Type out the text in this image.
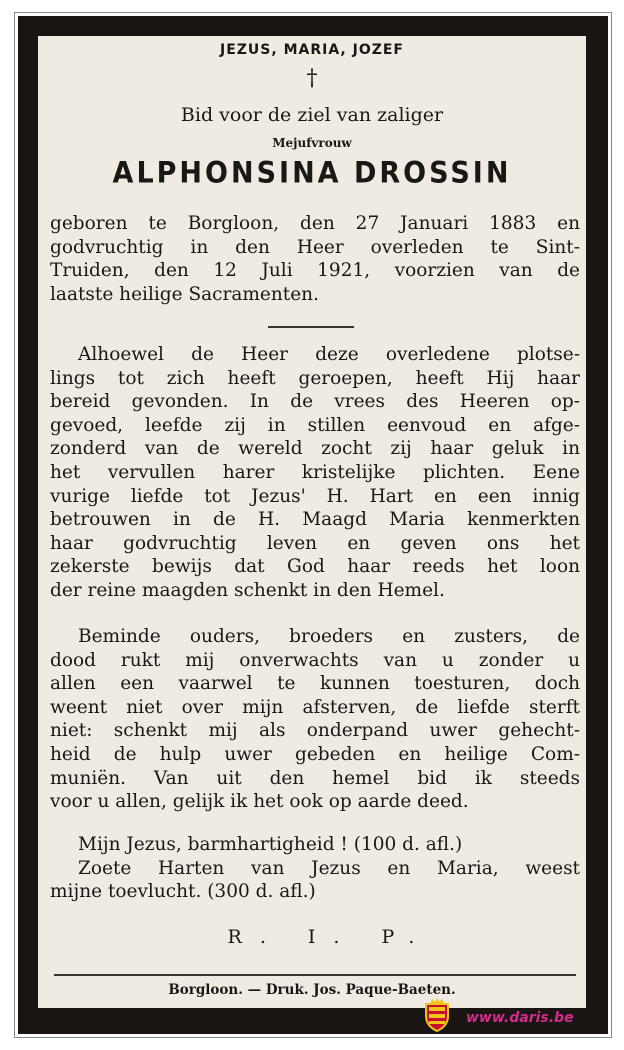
JEZUS, MARIA, JOZEF
†
Bid voor de ziel van zaliger
Mejufvrouw
ALPHONSINA DROSSIN
geboren te Borgloon, den 27 Januari 1883 en
godvruchtig in den Heer overleden te Sint-
Truiden, den 12 Juli 1921, voorzien van de
laatste heilige Sacramenten.
Alhoewel de Heer deze overledene plotse-
lings tot zich heeft geroepen, heeft Hij haar
bereid gevonden. In de vrees des Heeren op-
gevoed, leefde zij in stillen eenvoud en afge-
zonderd van de wereld zocht zij haar geluk in
het vervullen harer kristelijke plichten. Eene
vurige liefde tot Jezus' H. Hart en een innig
betrouwen in de H. Maagd Maria kenmerkten
haar godvruchtig leven en geven ons het
zekerste bewijs dat God haar reeds het loon
der reine maagden schenkt in den Hemel.
Beminde ouders, broeders en zusters, de
dood rukt mij onverwachts van u zonder u
allen een vaarwel te kunnen toesturen, doch
weent niet over mijn afsterven, de liefde sterft
niet: schenkt mij als onderpand uwer gehecht-
heid de hulp uwer gebeden en heilige Com-
muniën. Van uit den hemel bid ik steeds
voor u allen, gelijk ik het ook op aarde deed.
Mijn Jezus, barmhartigheid ! (100 d. afl.)
Zoete Harten van Jezus en Maria, weest
mijne toevlucht. (300 d. afl.)
R. I. P.
Borgloon. — Druk. Jos. Paque-Baeten.
www.daris.be
